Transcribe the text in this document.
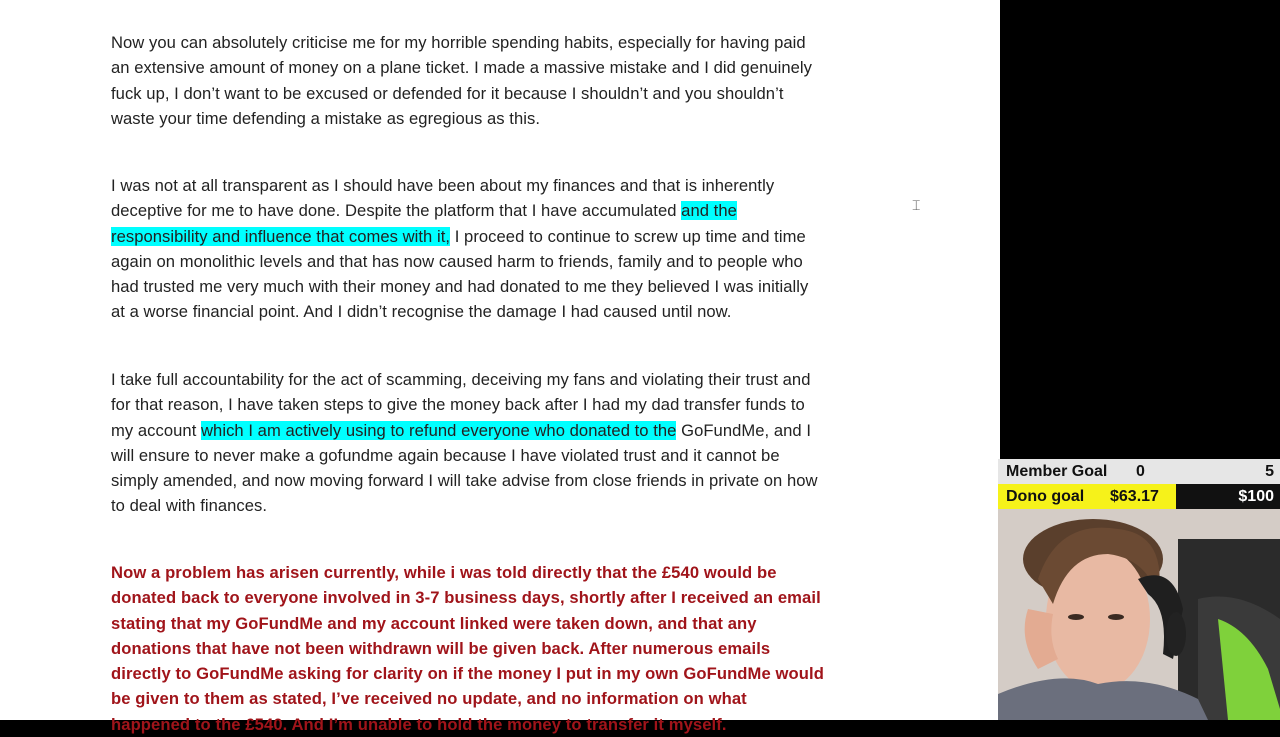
Now you can absolutely criticise me for my horrible spending habits, especially for having paid
an extensive amount of money on a plane ticket. I made a massive mistake and I did genuinely
fuck up, I don’t want to be excused or defended for it because I shouldn’t and you shouldn’t
waste your time defending a mistake as egregious as this.
I was not at all transparent as I should have been about my finances and that is inherently
deceptive for me to have done. Despite the platform that I have accumulated and the
responsibility and influence that comes with it, I proceed to continue to screw up time and time
again on monolithic levels and that has now caused harm to friends, family and to people who
had trusted me very much with their money and had donated to me they believed I was initially
at a worse financial point. And I didn’t recognise the damage I had caused until now.
I take full accountability for the act of scamming, deceiving my fans and violating their trust and
for that reason, I have taken steps to give the money back after I had my dad transfer funds to
my account which I am actively using to refund everyone who donated to the GoFundMe, and I
will ensure to never make a gofundme again because I have violated trust and it cannot be
simply amended, and now moving forward I will take advise from close friends in private on how
to deal with finances.
Now a problem has arisen currently, while i was told directly that the £540 would be
donated back to everyone involved in 3-7 business days, shortly after I received an email
stating that my GoFundMe and my account linked were taken down, and that any
donations that have not been withdrawn will be given back. After numerous emails
directly to GoFundMe asking for clarity on if the money I put in my own GoFundMe would
be given to them as stated, I’ve received no update, and no information on what
happened to the £540. And I’m unable to hold the money to transfer it myself.
⌶
Member Goal 0	5
Dono goal $63.17	$100
